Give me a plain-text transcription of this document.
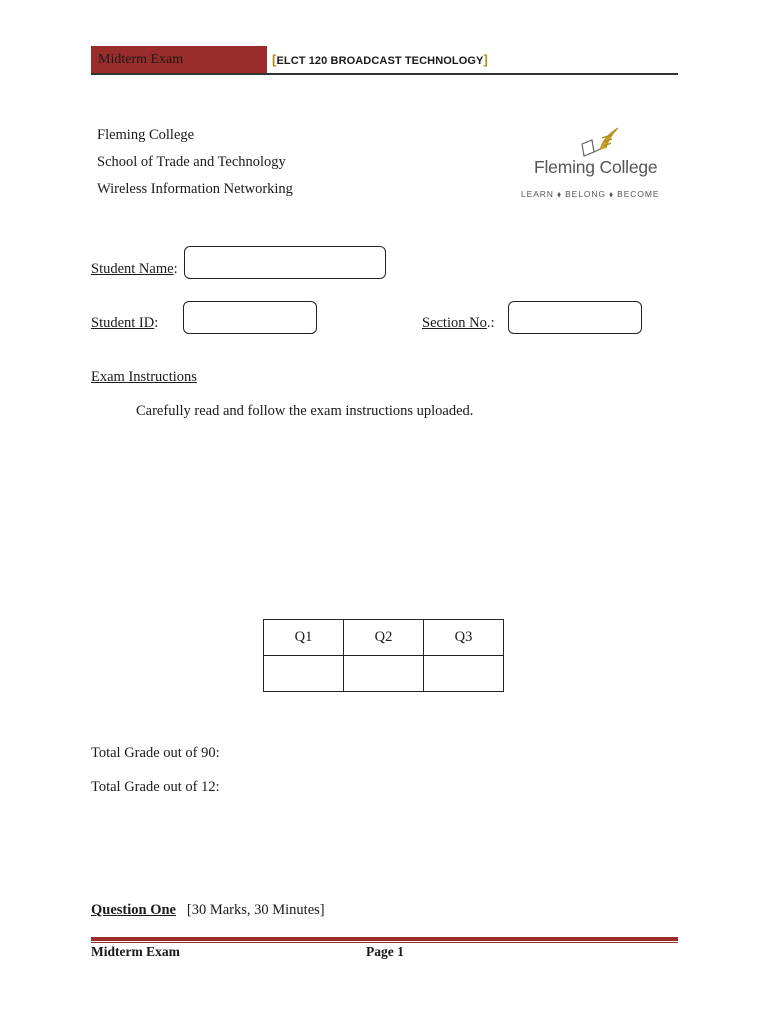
Midterm Exam	[ELCT 120 BROADCAST TECHNOLOGY]
Fleming College
School of Trade and Technology
Wireless Information Networking
Fleming College
LEARN ⬧ BELONG ⬧ BECOME
Student Name:
Student ID:	Section No.:
Exam Instructions
Carefully read and follow the exam instructions uploaded.
Q1	Q2	Q3

Total Grade out of 90:
Total Grade out of 12:
Question One [30 Marks, 30 Minutes]
Midterm Exam	Page 1
